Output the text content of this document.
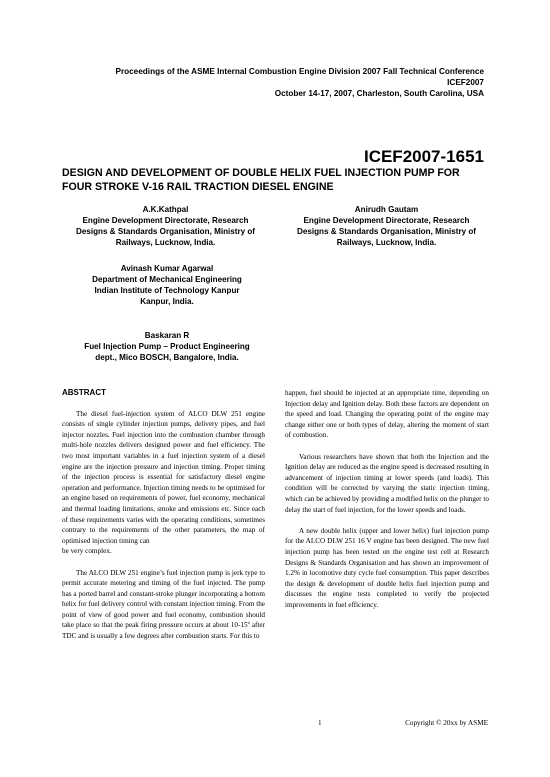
Proceedings of the ASME Internal Combustion Engine Division 2007 Fall Technical Conference
ICEF2007
October 14-17, 2007, Charleston, South Carolina, USA
ICEF2007-1651
DESIGN AND DEVELOPMENT OF DOUBLE HELIX FUEL INJECTION PUMP FOR FOUR STROKE V-16 RAIL TRACTION DIESEL ENGINE
A.K.Kathpal
Engine Development Directorate, Research
Designs & Standards Organisation, Ministry of
Railways, Lucknow, India.
Anirudh Gautam
Engine Development Directorate, Research
Designs & Standards Organisation, Ministry of
Railways, Lucknow, India.
Avinash Kumar Agarwal
Department of Mechanical Engineering
Indian Institute of Technology Kanpur
Kanpur, India.
Baskaran R
Fuel Injection Pump – Product Engineering
dept., Mico BOSCH, Bangalore, India.
ABSTRACT

The diesel fuel-injection system of ALCO DLW 251 engine consists of single cylinder injection pumps, delivery pipes, and fuel injector nozzles. Fuel injection into the combustion chamber through multi-hole nozzles delivers designed power and fuel efficiency. The two most important variables in a fuel injection system of a diesel engine are the injection pressure and injection timing. Proper timing of the injection process is essential for satisfactory diesel engine operation and performance. Injection timing needs to be optimised for an engine based on requirements of power, fuel economy, mechanical and thermal loading limitations, smoke and emissions etc. Since each of these requirements varies with the operating conditions, sometimes contrary to the requirements of the other parameters, the map of optimised injection timing can

be very complex.

The ALCO DLW 251 engine’s fuel injection pump is jerk type to permit accurate metering and timing of the fuel injected. The pump has a ported barrel and constant-stroke plunger incorporating a bottom helix for fuel delivery control with constant injection timing. From the point of view of good power and fuel economy, combustion should take place so that the peak firing pressure occurs at about 10-15º after TDC and is usually a few degrees after combustion starts. For this to

happen, fuel should be injected at an appropriate time, depending on Injection delay and Ignition delay. Both these factors are dependent on the speed and load. Changing the operating point of the engine may change either one or both types of delay, altering the moment of start of combustion.

Various researchers have shown that both the Injection and the Ignition delay are reduced as the engine speed is decreased resulting in advancement of injection timing at lower speeds (and loads). This condition will be corrected by varying the static injection timing, which can be achieved by providing a modified helix on the plunger to delay the start of fuel injection, for the lower speeds and loads.

A new double helix (upper and lower helix) fuel injection pump for the ALCO DLW 251 16 V engine has been designed. The new fuel injection pump has been tested on the engine test cell at Research Designs & Standards Organisation and has shown an improvement of 1.2% in locomotive duty cycle fuel consumption. This paper describes the design & development of double helix fuel injection pump and discusses the engine tests completed to verify the projected improvements in fuel efficiency.

1	Copyright © 20xx by ASME
